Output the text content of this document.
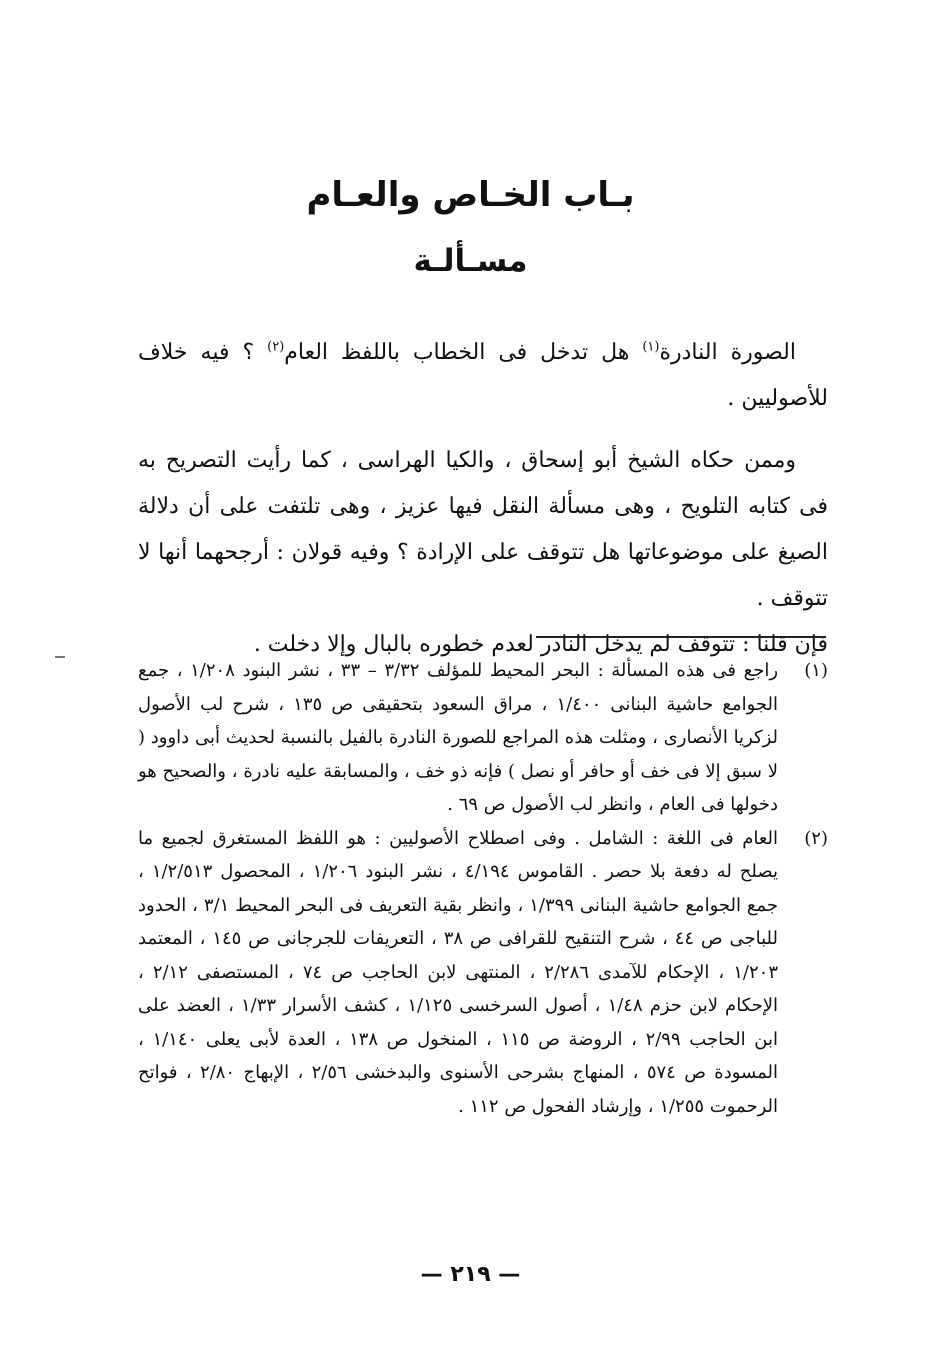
بـاب الخـاص والعـام
مسـألـة

الصورة النادرة$^{(١)}$ هل تدخل فى الخطاب باللفظ العام$^{(٢)}$ ؟ فيه خلاف للأصوليين .

وممن حكاه الشيخ أبو إسحاق ، والكيا الهراسى ، كما رأيت التصريح به فى كتابه التلويح ، وهى مسألة النقل فيها عزيز ، وهى تلتفت على أن دلالة الصيغ على موضوعاتها هل تتوقف على الإرادة ؟ وفيه قولان : أرجحهما أنها لا تتوقف .

فإن قلنا : تتوقف لم يدخل النادر لعدم خطوره بالبال وإلا دخلت .

(١)

راجع فى هذه المسألة : البحر المحيط للمؤلف ٣/٣٢ – ٣٣ ، نشر البنود ١/٢٠٨ ، جمع الجوامع حاشية البنانى ١/٤٠٠ ، مراق السعود بتحقيقى ص ١٣٥ ، شرح لب الأصول لزكريا الأنصارى ، ومثلت هذه المراجع للصورة النادرة بالفيل بالنسبة لحديث أبى داوود ( لا سبق إلا فى خف أو حافر أو نصل ) فإنه ذو خف ، والمسابقة عليه نادرة ، والصحيح هو دخولها فى العام ، وانظر لب الأصول ص ٦٩ .

(٢)

العام فى اللغة : الشامل . وفى اصطلاح الأصوليين : هو اللفظ المستغرق لجميع ما يصلح له دفعة بلا حصر . القاموس ٤/١٩٤ ، نشر البنود ١/٢٠٦ ، المحصول ١/٢/٥١٣ ، جمع الجوامع حاشية البنانى ١/٣٩٩ ، وانظر بقية التعريف فى البحر المحيط ٣/١ ، الحدود للباجى ص ٤٤ ، شرح التنقيح للقرافى ص ٣٨ ، التعريفات للجرجانى ص ١٤٥ ، المعتمد ١/٢٠٣ ، الإحكام للآمدى ٢/٢٨٦ ، المنتهى لابن الحاجب ص ٧٤ ، المستصفى ٢/١٢ ، الإحكام لابن حزم ١/٤٨ ، أصول السرخسى ١/١٢٥ ، كشف الأسرار ١/٣٣ ، العضد على ابن الحاجب ٢/٩٩ ، الروضة ص ١١٥ ، المنخول ص ١٣٨ ، العدة لأبى يعلى ١/١٤٠ ، المسودة ص ٥٧٤ ، المنهاج بشرحى الأسنوى والبدخشى ٢/٥٦ ، الإبهاج ٢/٨٠ ، فواتح الرحموت ١/٢٥٥ ، وإرشاد الفحول ص ١١٢ .

— ٢١٩ —
